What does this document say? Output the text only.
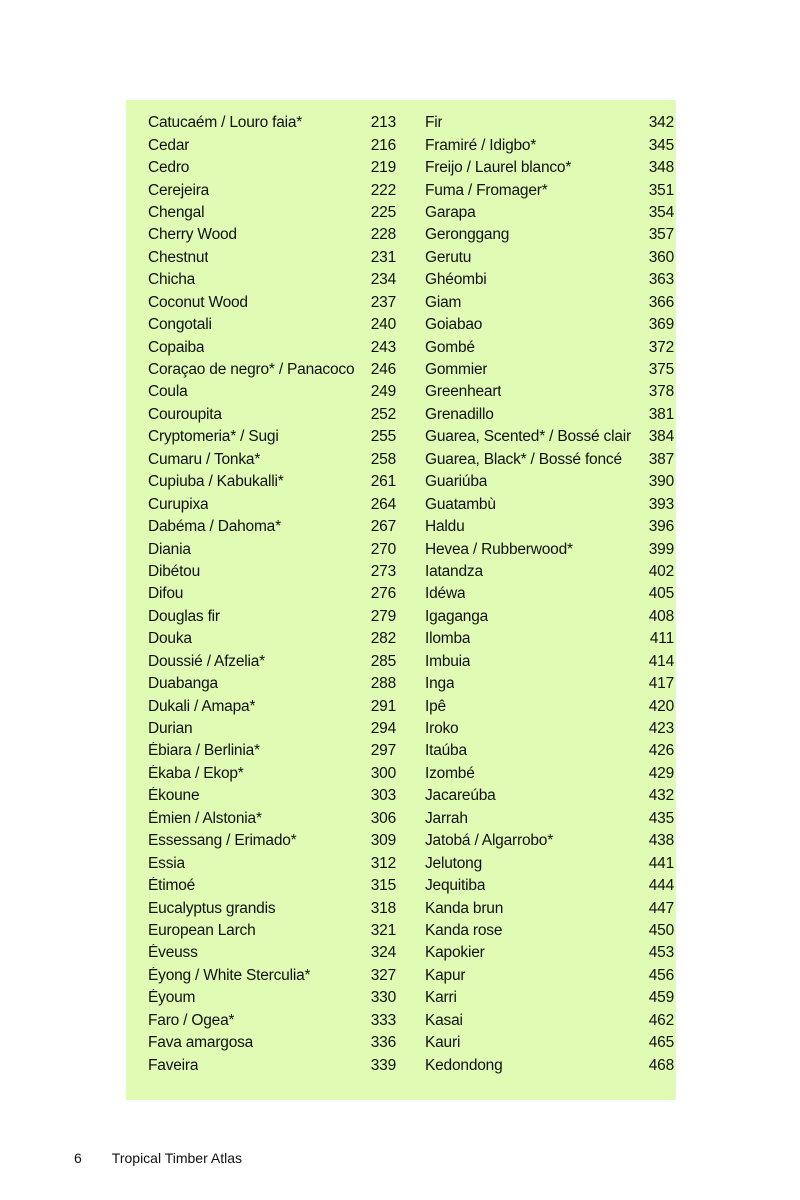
Catucaém / Louro faia*	213
Cedar	216
Cedro	219
Cerejeira	222
Chengal	225
Cherry Wood	228
Chestnut	231
Chicha	234
Coconut Wood	237
Congotali	240
Copaiba	243
Coraçao de negro* / Panacoco 246
Coula	249
Couroupita	252
Cryptomeria* / Sugi	255
Cumaru / Tonka*	258
Cupiuba / Kabukalli*	261
Curupixa	264
Dabéma / Dahoma*	267
Diania	270
Dibétou	273
Difou	276
Douglas fir	279
Douka	282
Doussié / Afzelia*	285
Duabanga	288
Dukali / Amapa*	291
Durian	294
Ébiara / Berlinia*	297
Ékaba / Ekop*	300
Ékoune	303
Émien / Alstonia*	306
Essessang / Erimado*	309
Essia	312
Étimoé	315
Eucalyptus grandis	318
European Larch	321
Éveuss	324
Éyong / White Sterculia*	327
Éyoum	330
Faro / Ogea*	333
Fava amargosa	336
Faveira	339
Fir	342
Framiré / Idigbo*	345
Freijo / Laurel blanco*	348
Fuma / Fromager*	351
Garapa	354
Geronggang	357
Gerutu	360
Ghéombi	363
Giam	366
Goiabao	369
Gombé	372
Gommier	375
Greenheart	378
Grenadillo	381
Guarea, Scented* / Bossé clair 384
Guarea, Black* / Bossé foncé 387
Guariúba	390
Guatambù	393
Haldu	396
Hevea / Rubberwood*	399
Iatandza	402
Idéwa	405
Igaganga	408
Ilomba	411
Imbuia	414
Inga	417
Ipê	420
Iroko	423
Itaúba	426
Izombé	429
Jacareúba	432
Jarrah	435
Jatobá / Algarrobo*	438
Jelutong	441
Jequitiba	444
Kanda brun	447
Kanda rose	450
Kapokier	453
Kapur	456
Karri	459
Kasai	462
Kauri	465
Kedondong	468
6 Tropical Timber Atlas
